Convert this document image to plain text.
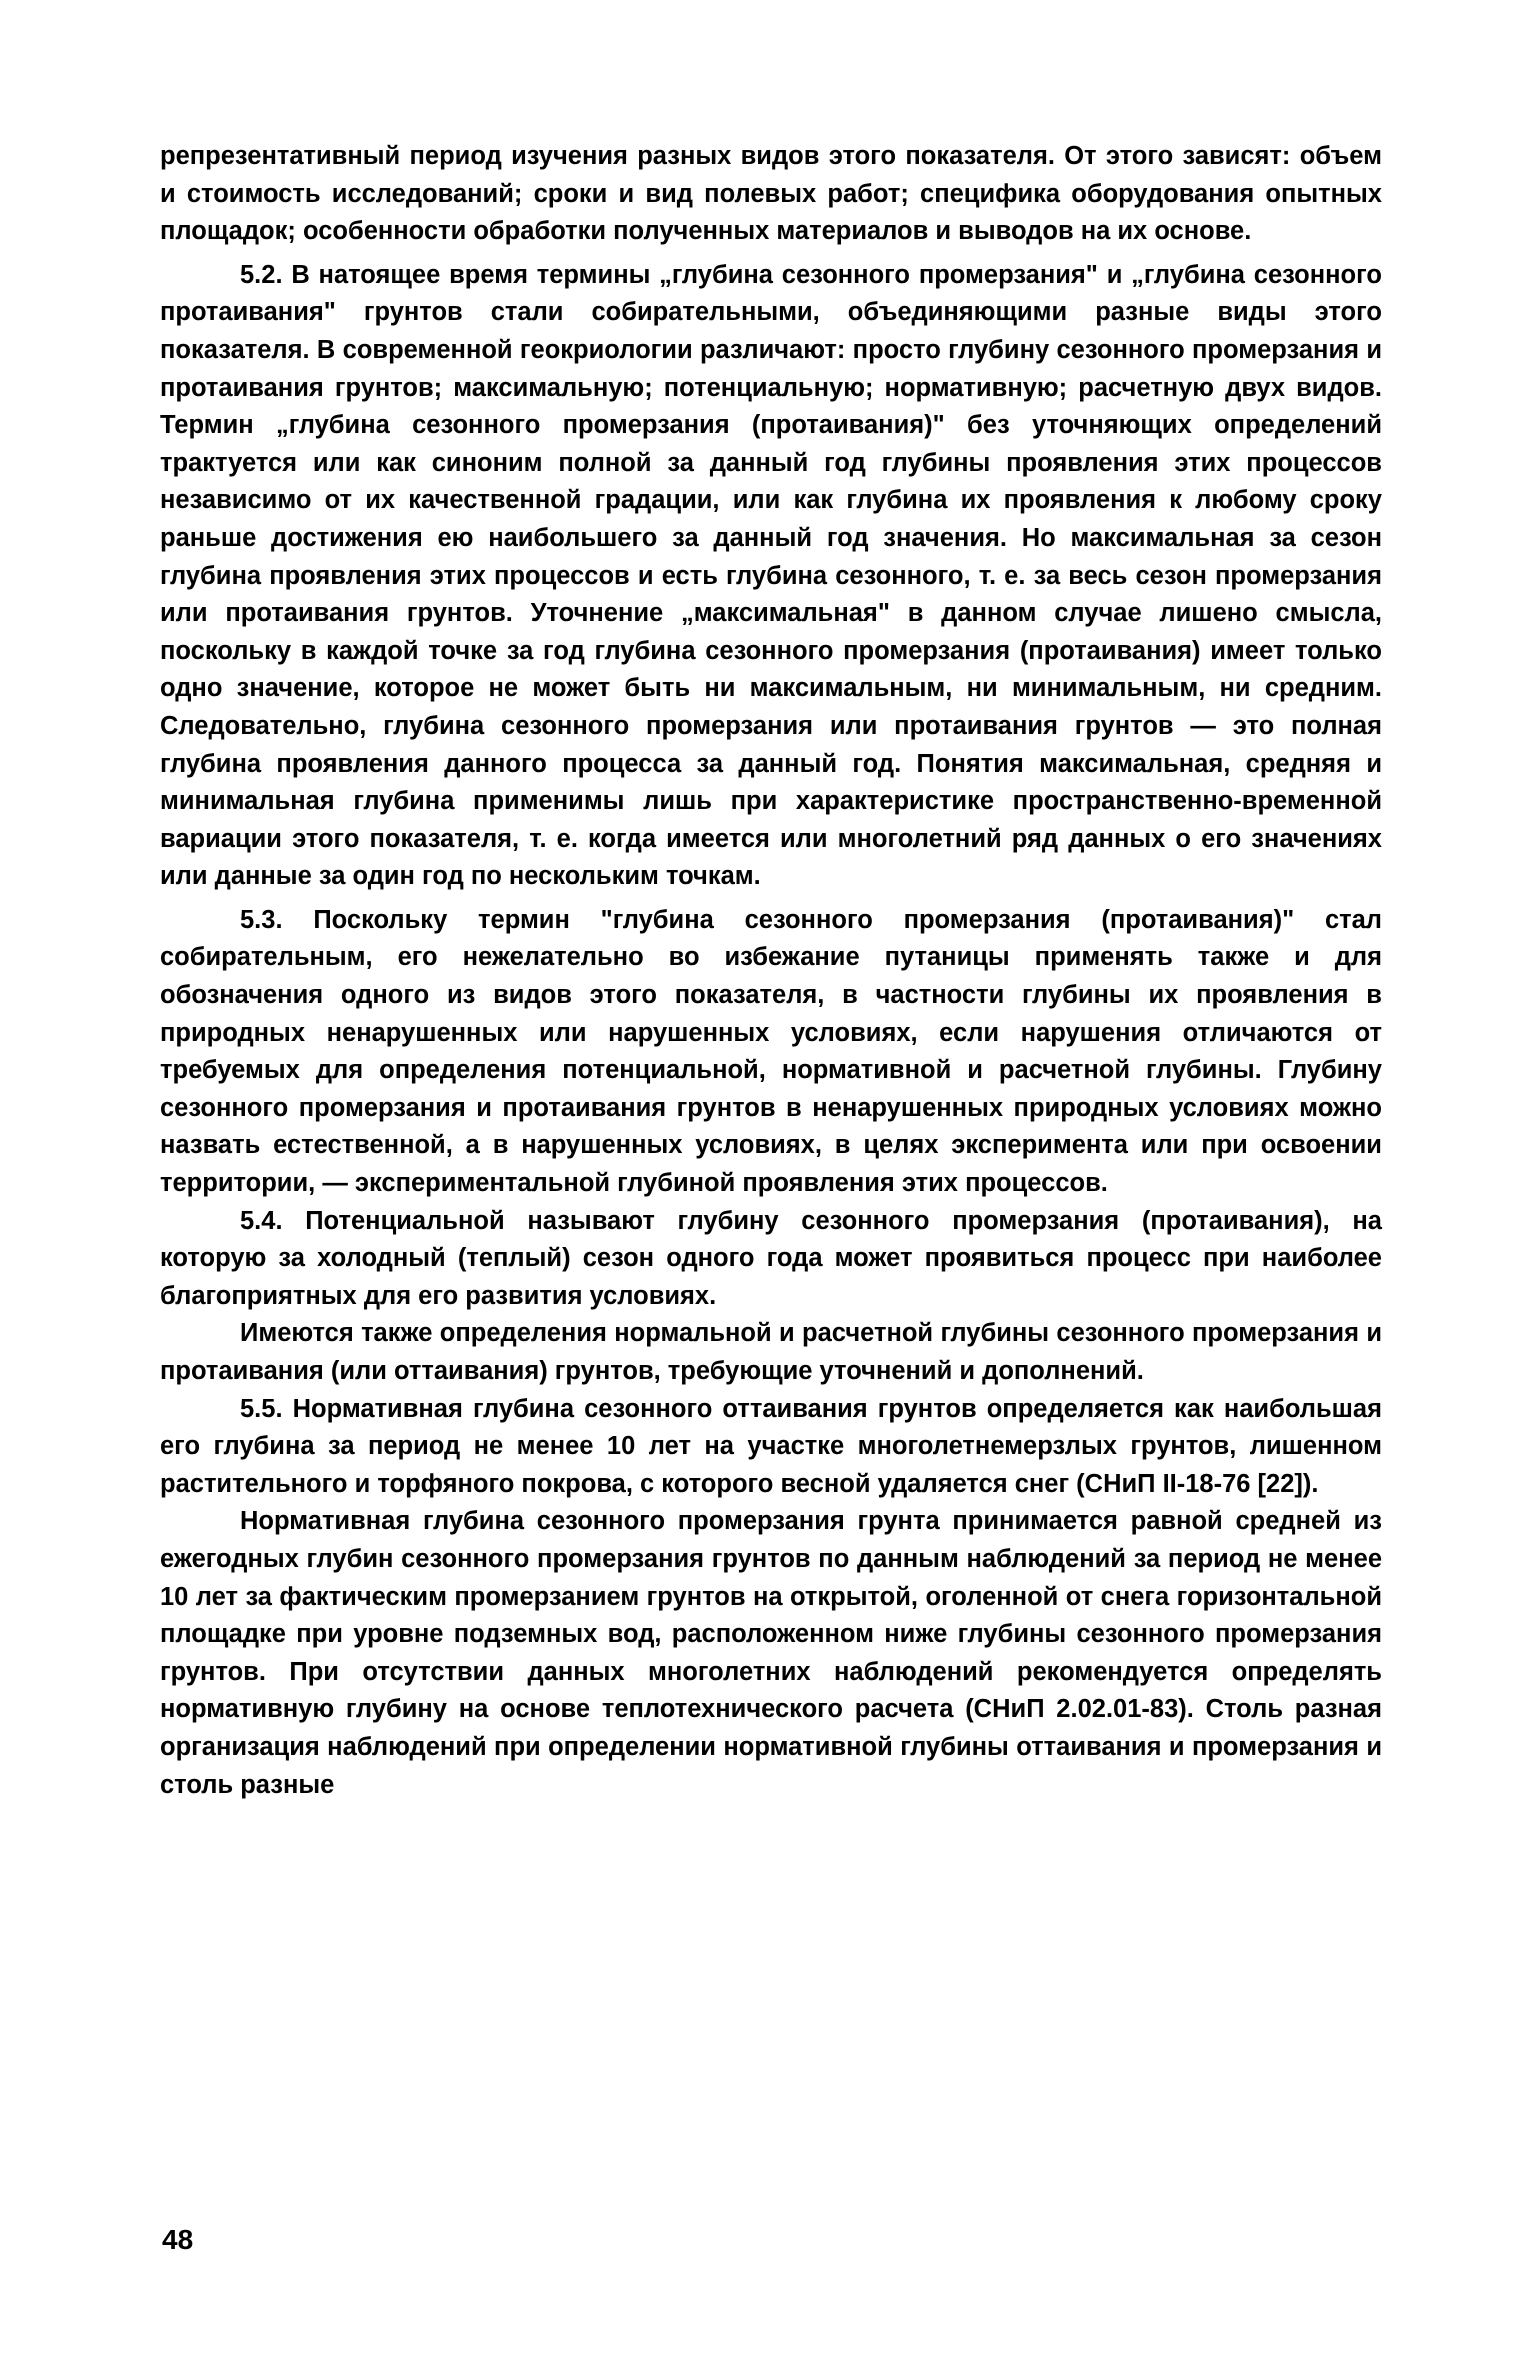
репрезентативный период изучения разных видов этого показателя. От этого зависят: объем и стоимость исследований; сроки и вид полевых работ; специфика оборудования опытных площадок; особенности обработки полученных материалов и выводов на их основе.

5.2. В натоящее время термины „глубина сезонного промерзания" и „глубина сезонного протаивания" грунтов стали собирательными, объединяющими разные виды этого показателя. В современной геокриологии различают: просто глубину сезонного промерзания и протаивания грунтов; максимальную; потенциальную; нормативную; расчетную двух видов. Термин „глубина сезонного промерзания (протаивания)" без уточняющих определений трактуется или как синоним полной за данный год глубины проявления этих процессов независимо от их качественной градации, или как глубина их проявления к любому сроку раньше достижения ею наибольшего за данный год значения. Но максимальная за сезон глубина проявления этих процессов и есть глубина сезонного, т. е. за весь сезон промерзания или протаивания грунтов. Уточнение „максимальная" в данном случае лишено смысла, поскольку в каждой точке за год глубина сезонного промерзания (протаивания) имеет только одно значение, которое не может быть ни максимальным, ни минимальным, ни средним. Следовательно, глубина сезонного промерзания или протаивания грунтов — это полная глубина проявления данного процесса за данный год. Понятия максимальная, средняя и минимальная глубина применимы лишь при характеристике пространственно-временной вариации этого показателя, т. е. когда имеется или многолетний ряд данных о его значениях или данные за один год по нескольким точкам.

5.3. Поскольку термин "глубина сезонного промерзания (протаивания)" стал собирательным, его нежелательно во избежание путаницы применять также и для обозначения одного из видов этого показателя, в частности глубины их проявления в природных ненарушенных или нарушенных условиях, если нарушения отличаются от требуемых для определения потенциальной, нормативной и расчетной глубины. Глубину сезонного промерзания и протаивания грунтов в ненарушенных природных условиях можно назвать естественной, а в нарушенных условиях, в целях эксперимента или при освоении территории, — экспериментальной глубиной проявления этих процессов.

5.4. Потенциальной называют глубину сезонного промерзания (протаивания), на которую за холодный (теплый) сезон одного года может проявиться процесс при наиболее благоприятных для его развития условиях.

Имеются также определения нормальной и расчетной глубины сезонного промерзания и протаивания (или оттаивания) грунтов, требующие уточнений и дополнений.

5.5. Нормативная глубина сезонного оттаивания грунтов определяется как наибольшая его глубина за период не менее 10 лет на участке многолетнемерзлых грунтов, лишенном растительного и торфяного покрова, с которого весной удаляется снег (СНиП II-18-76 [22]).

Нормативная глубина сезонного промерзания грунта принимается равной средней из ежегодных глубин сезонного промерзания грунтов по данным наблюдений за период не менее 10 лет за фактическим промерзанием грунтов на открытой, оголенной от снега горизонтальной площадке при уровне подземных вод, расположенном ниже глубины сезонного промерзания грунтов. При отсутствии данных многолетних наблюдений рекомендуется определять нормативную глубину на основе теплотехнического расчета (СНиП 2.02.01-83). Столь разная организация наблюдений при определении нормативной глубины оттаивания и промерзания и столь разные

48
